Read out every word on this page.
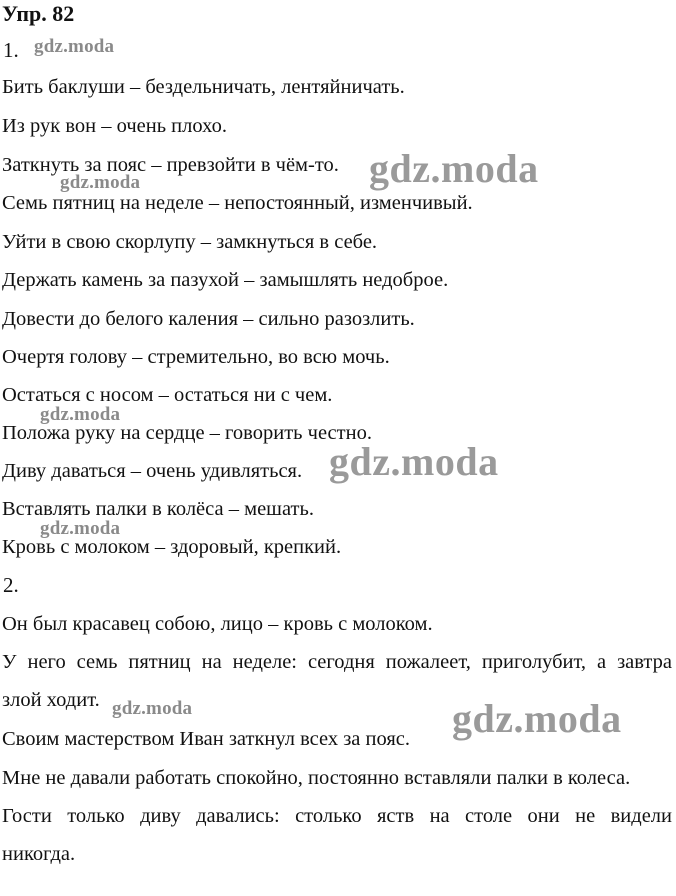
Упр. 82
1.
Бить баклуши – бездельничать, лентяйничать.
Из рук вон – очень плохо.
Заткнуть за пояс – превзойти в чём-то.
Семь пятниц на неделе – непостоянный, изменчивый.
Уйти в свою скорлупу – замкнуться в себе.
Держать камень за пазухой – замышлять недоброе.
Довести до белого каления – сильно разозлить.
Очертя голову – стремительно, во всю мочь.
Остаться с носом – остаться ни с чем.
Положа руку на сердце – говорить честно.
Диву даваться – очень удивляться.
Вставлять палки в колёса – мешать.
Кровь с молоком – здоровый, крепкий.
2.
Он был красавец собою, лицо – кровь с молоком.
У него семь пятниц на неделе: сегодня пожалеет, приголубит, а завтра
злой ходит.
Своим мастерством Иван заткнул всех за пояс.
Мне не давали работать спокойно, постоянно вставляли палки в колеса.
Гости только диву давались: столько яств на столе они не видели
никогда.
gdz.moda
gdz.moda
gdz.moda
gdz.moda
gdz.moda
gdz.moda
gdz.moda
gdz.moda
